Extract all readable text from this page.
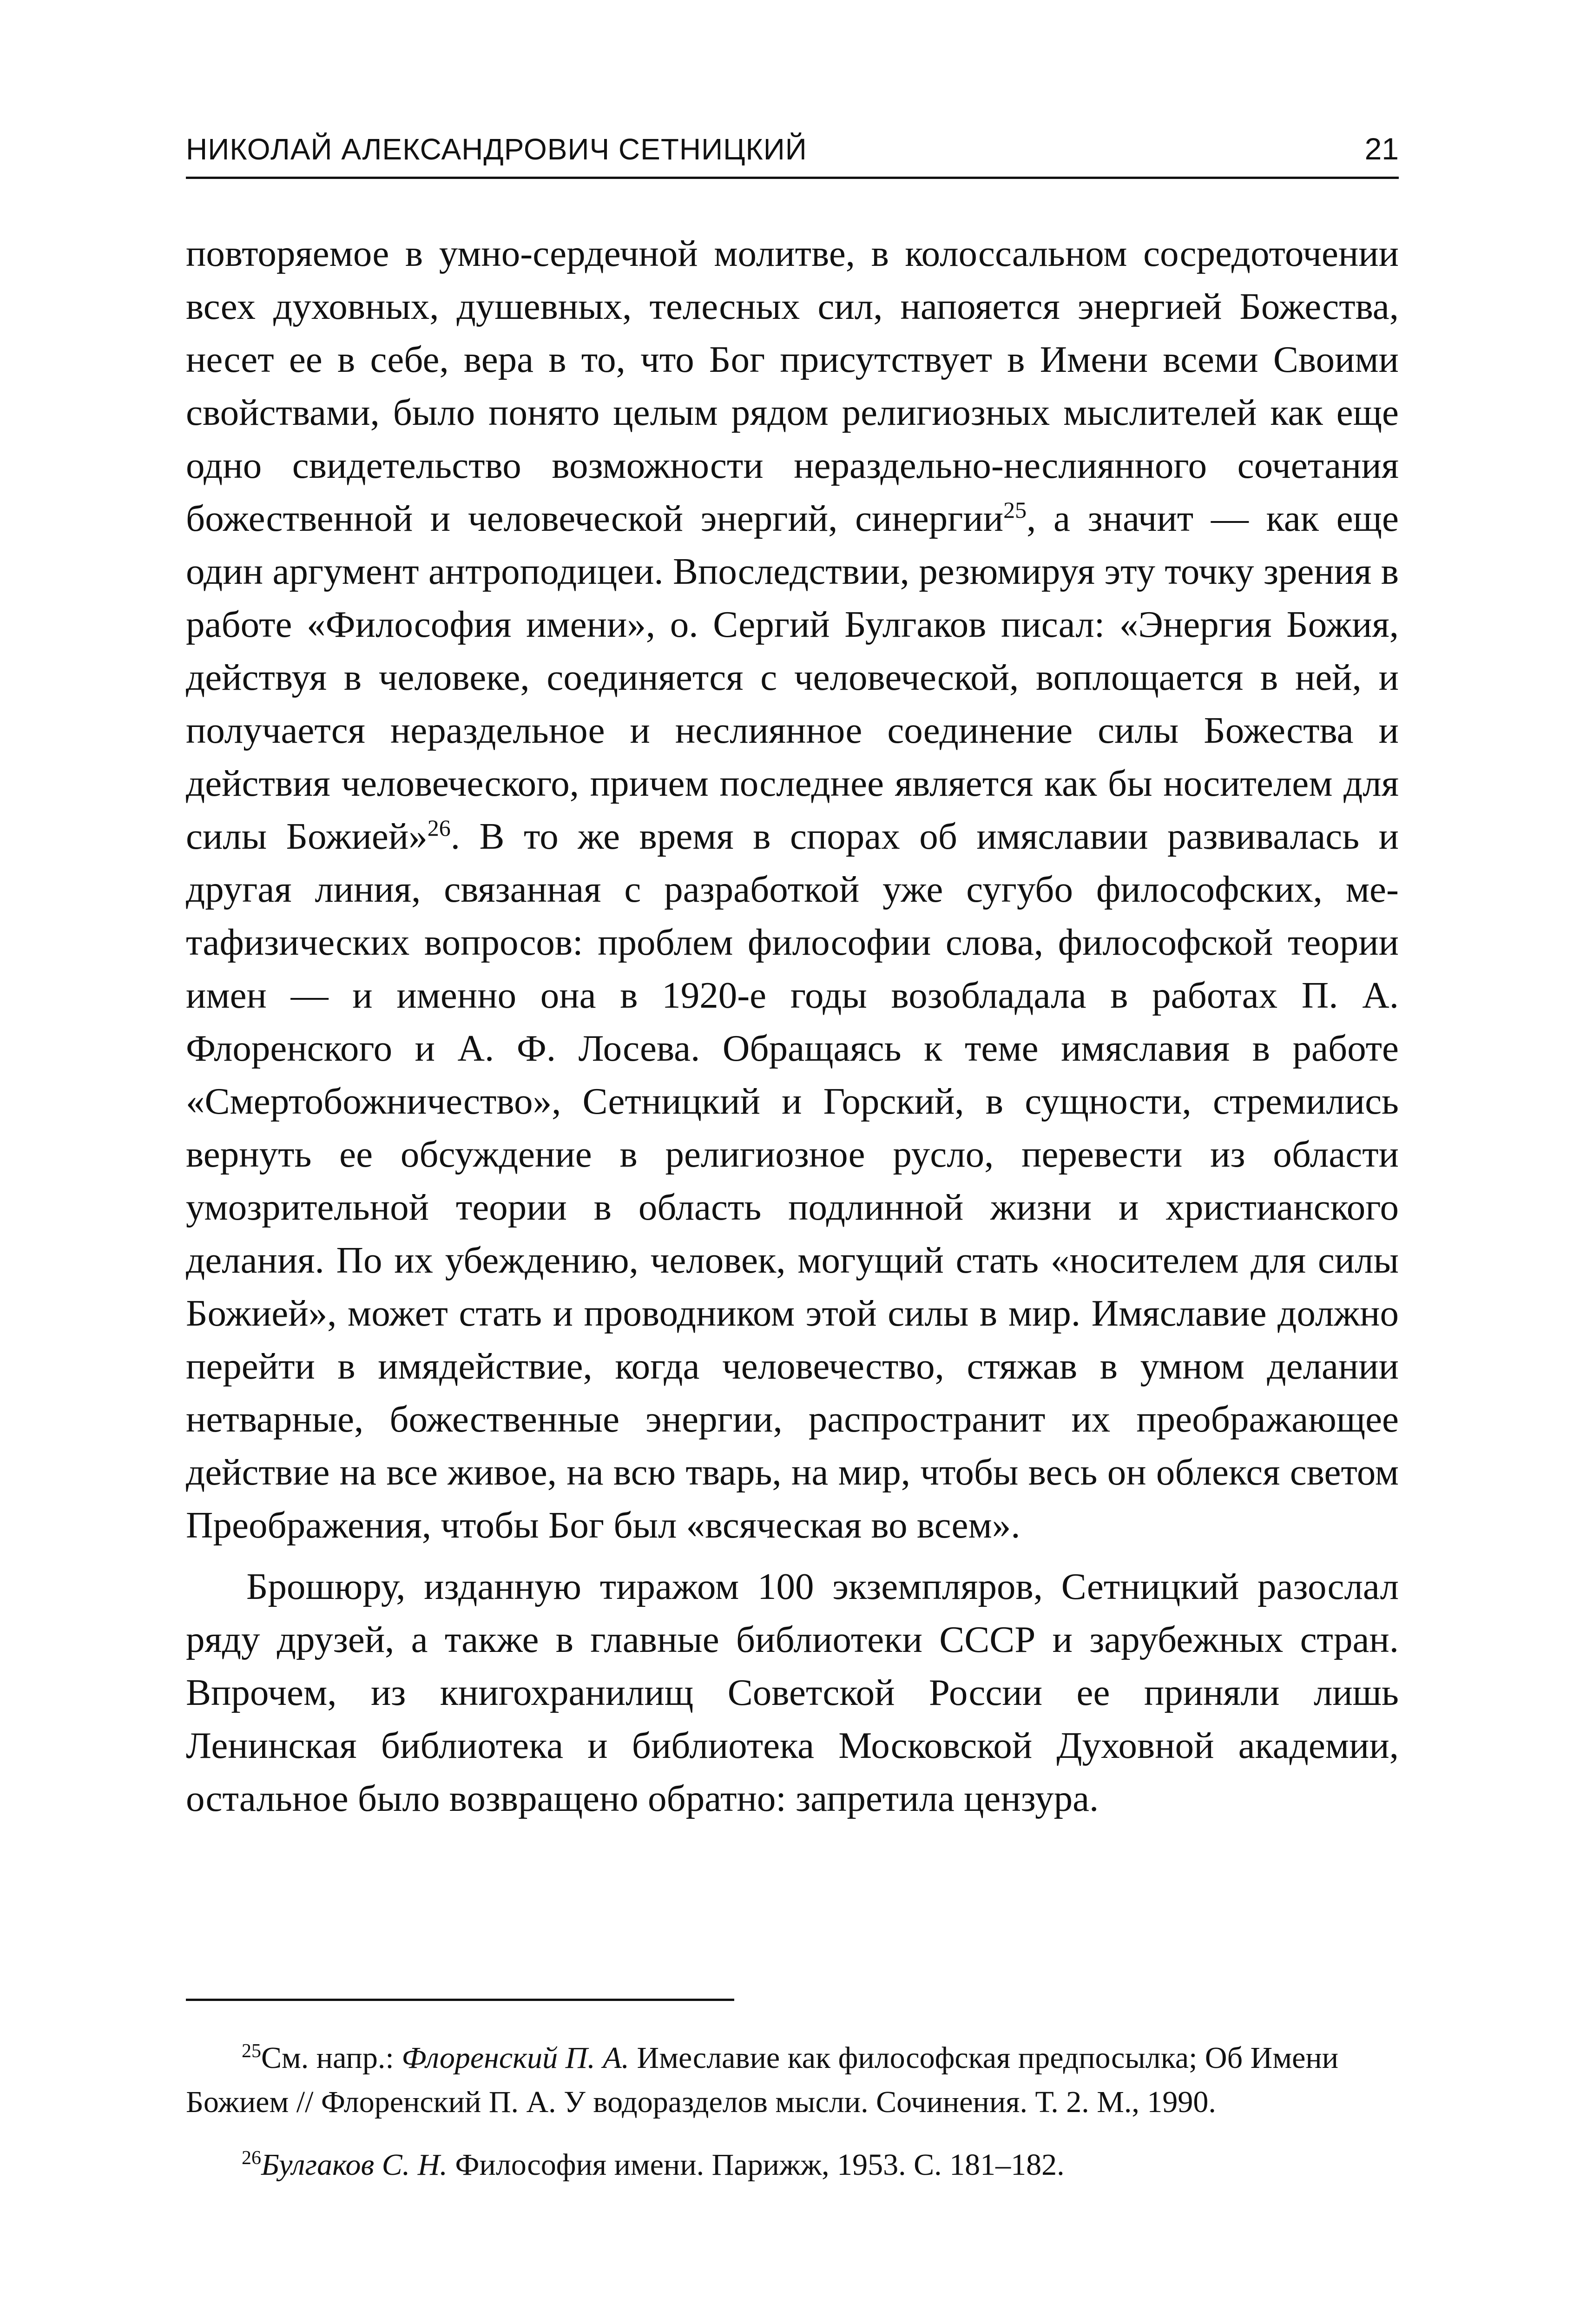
НИКОЛАЙ АЛЕКСАНДРОВИЧ СЕТНИЦКИЙ	21

повторяемое в умно-сердечной молитве, в колоссальном сосредоточении всех духовных, душевных, телесных сил, напояется энергией Божества, несет ее в себе, вера в то, что Бог присутствует в Имени всеми Своими свойствами, было понято целым рядом религиозных мыслителей как еще одно свидетельство возможности нераздельно-неслиянного сочетания божественной и человеческой энергий, синергии$^{25}$, а значит — как еще один аргумент антроподицеи. Впоследствии, резюмируя эту точку зрения в работе «Философия имени», о. Сергий Булгаков писал: «Энергия Божия, действуя в человеке, соединяется с человеческой, воплощается в ней, и получается нераздельное и неслиянное соединение силы Божества и действия человеческого, причем последнее является как бы носителем для силы Божией»$^{26}$. В то же время в спорах об имяславии развивалась и другая линия, связанная с разработкой уже сугубо философских, метафизических вопросов: проблем философии слова, философской теории имен — и именно она в 1920-е годы возобладала в работах П. А. Флоренского и А. Ф. Лосева. Обращаясь к теме имяславия в работе «Смертобожничество», Сетницкий и Горский, в сущности, стремились вернуть ее обсуждение в религиозное русло, перевести из области умозрительной теории в область подлинной жизни и христианского делания. По их убеждению, человек, могущий стать «носителем для силы Божией», может стать и проводником этой силы в мир. Имяславие должно перейти в имядействие, когда человечество, стяжав в умном делании нетварные, божественные энергии, распространит их преображающее действие на все живое, на всю тварь, на мир, чтобы весь он облекся светом Преображения, чтобы Бог был «всяческая во всем».

Брошюру, изданную тиражом 100 экземпляров, Сетницкий разослал ряду друзей, а также в главные библиотеки СССР и зарубежных стран. Впрочем, из книгохранилищ Советской России ее приняли лишь Ленинская библиотека и библиотека Московской Духовной академии, остальное было возвращено обратно: запретила цензура.

$^{25}$См. напр.: Флоренский П. А. Имеславие как философская предпосылка; Об Имени Божием // Флоренский П. А. У водоразделов мысли. Сочинения. Т. 2. М., 1990.

$^{26}$Булгаков С. Н. Философия имени. Парижж, 1953. С. 181–182.
